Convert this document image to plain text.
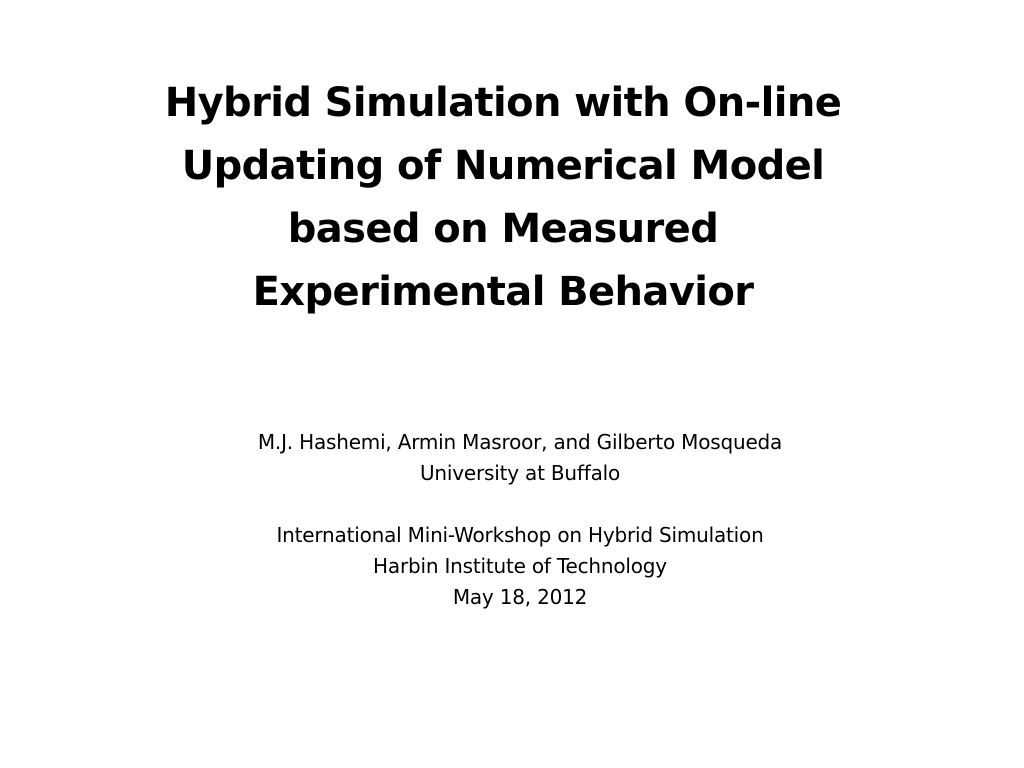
Hybrid Simulation with On-line
Updating of Numerical Model
based on Measured
Experimental Behavior
M.J. Hashemi, Armin Masroor, and Gilberto Mosqueda
University at Buffalo
International Mini-Workshop on Hybrid Simulation
Harbin Institute of Technology
May 18, 2012
